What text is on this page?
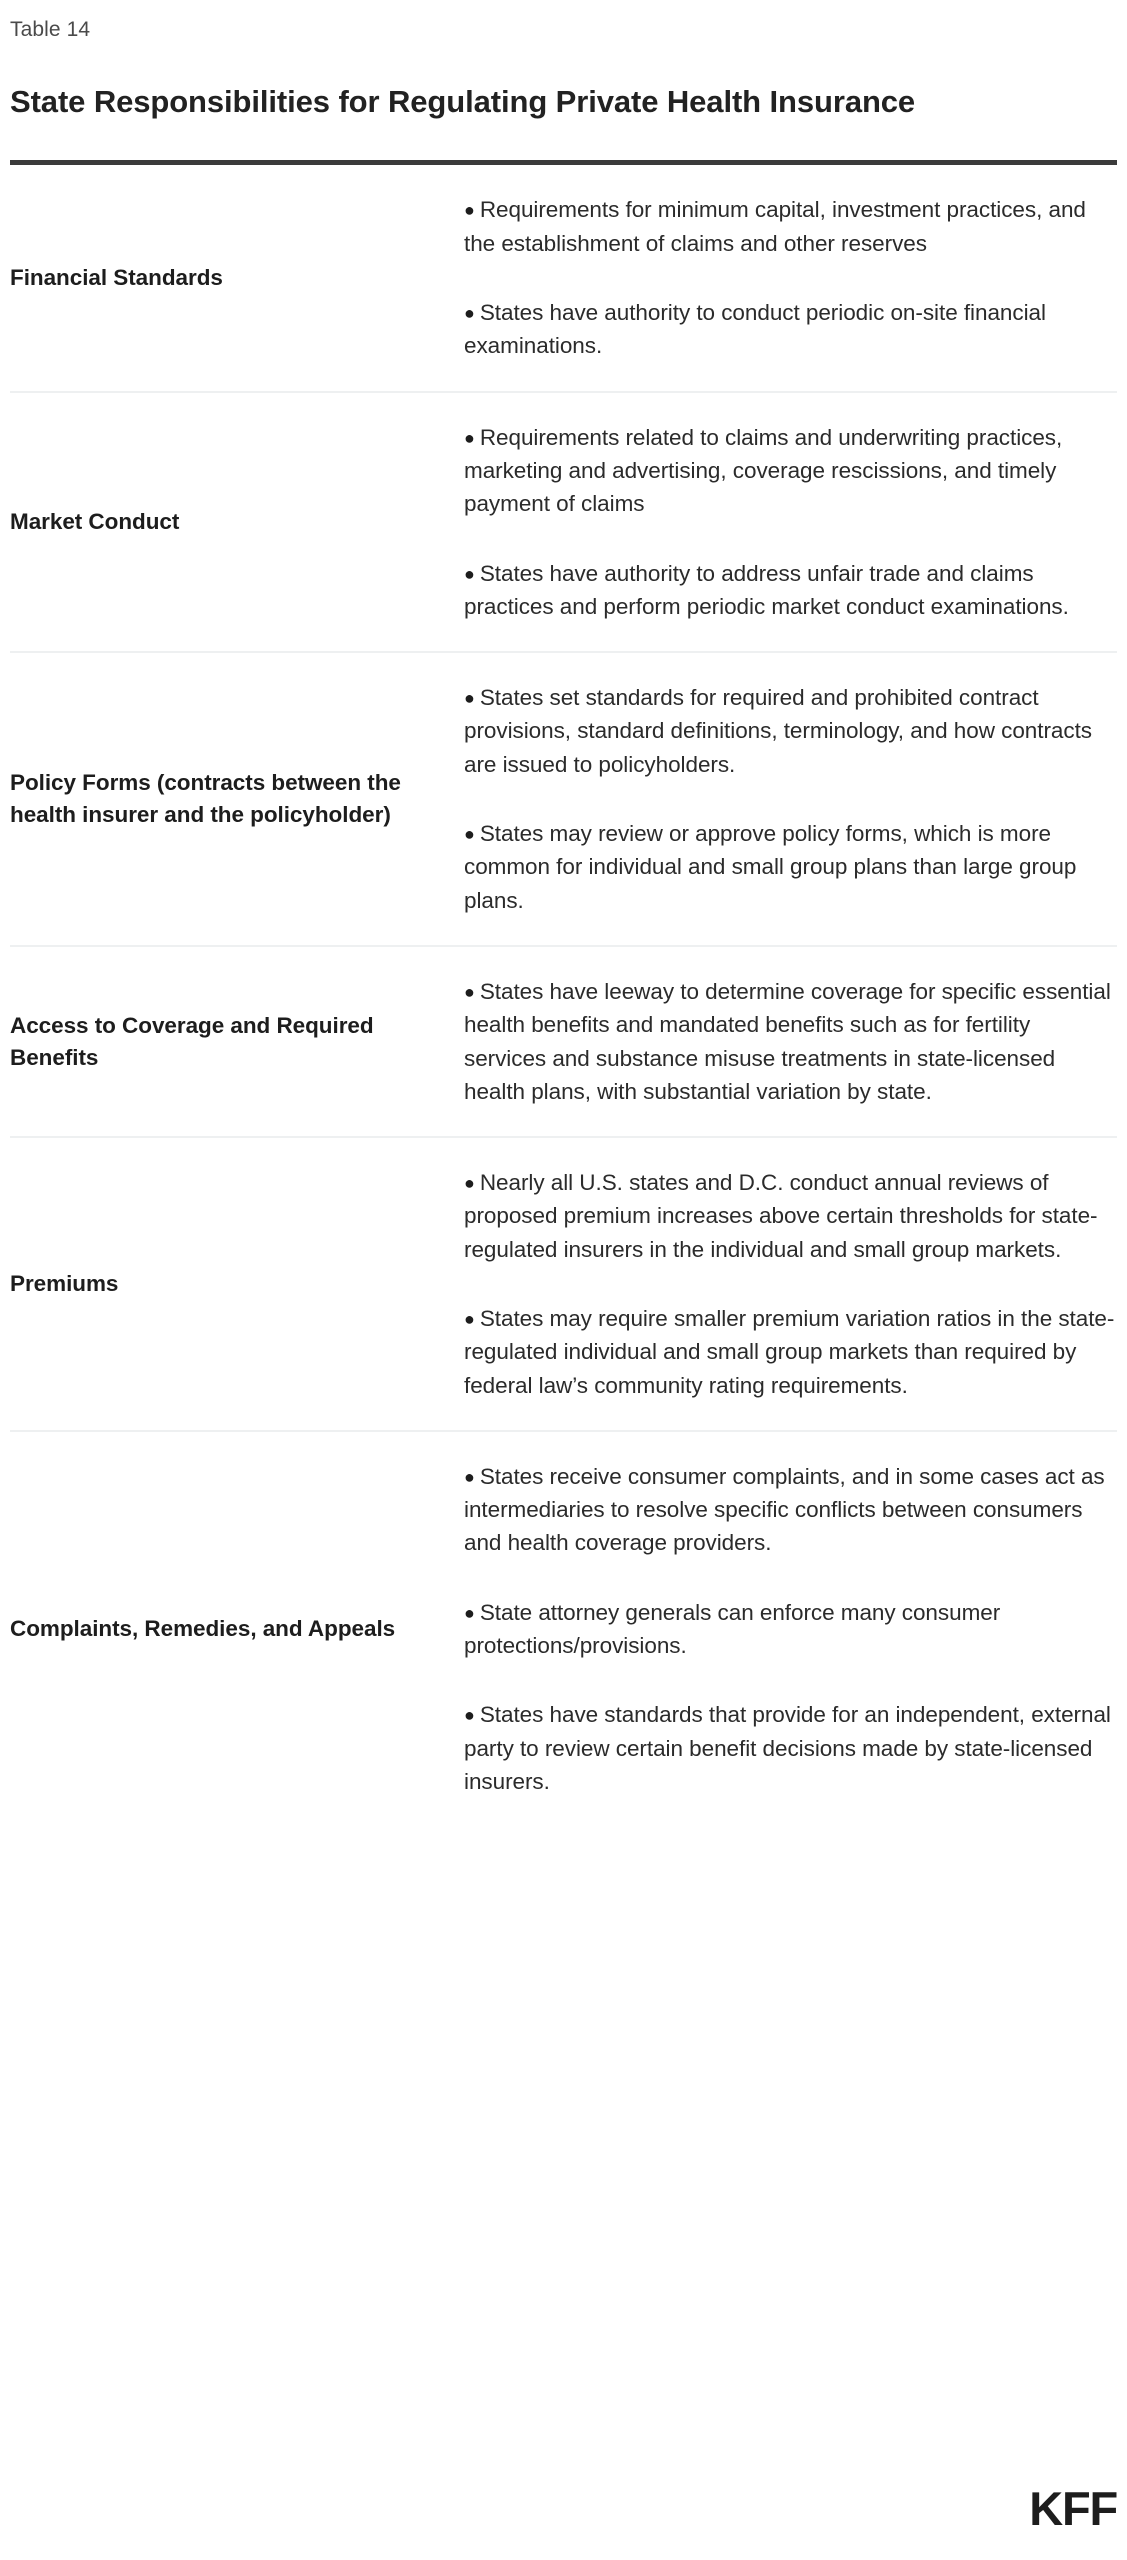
Table 14
State Responsibilities for Regulating Private Health Insurance
Financial Standards

● Requirements for minimum capital, investment practices, and the establishment of claims and other reserves

● States have authority to conduct periodic on-site financial examinations.

Market Conduct

● Requirements related to claims and underwriting practices, marketing and advertising, coverage rescissions, and timely payment of claims

● States have authority to address unfair trade and claims practices and perform periodic market conduct examinations.

Policy Forms (contracts between the health insurer and the policyholder)

● States set standards for required and prohibited contract provisions, standard definitions, terminology, and how contracts are issued to policyholders.

● States may review or approve policy forms, which is more common for individual and small group plans than large group plans.

Access to Coverage and Required Benefits

● States have leeway to determine coverage for specific essential health benefits and mandated benefits such as for fertility services and substance misuse treatments in state-licensed health plans, with substantial variation by state.

Premiums

● Nearly all U.S. states and D.C. conduct annual reviews of proposed premium increases above certain thresholds for state-regulated insurers in the individual and small group markets.

● States may require smaller premium variation ratios in the state-regulated individual and small group markets than required by federal law’s community rating requirements.

Complaints, Remedies, and Appeals

● States receive consumer complaints, and in some cases act as intermediaries to resolve specific conflicts between consumers and health coverage providers.

● State attorney generals can enforce many consumer protections/provisions.

● States have standards that provide for an independent, external party to review certain benefit decisions made by state-licensed insurers.

KFF
